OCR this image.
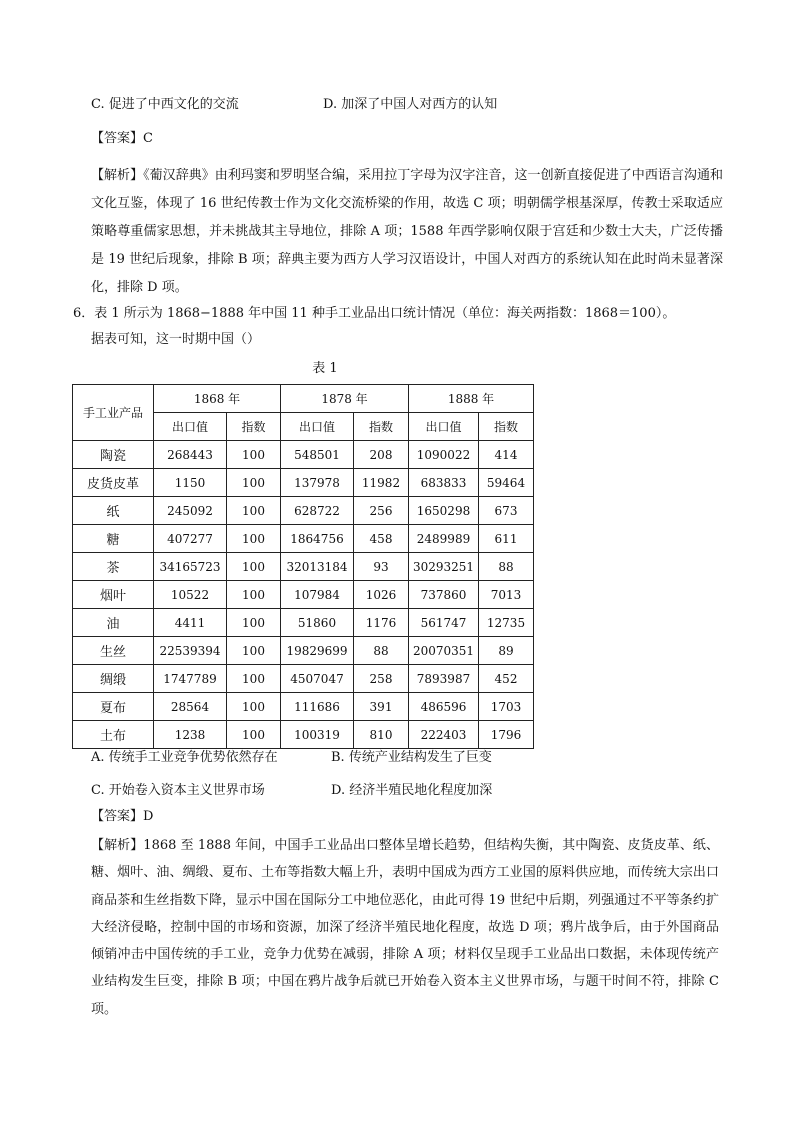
C. 促进了中西文化的交流	D. 加深了中国人对西方的认知
【答案】C
【解析】《葡汉辞典》由利玛窦和罗明坚合编，采用拉丁字母为汉字注音，这一创新直接促进了中西语言沟通和文化互鉴，体现了 16 世纪传教士作为文化交流桥梁的作用，故选 C 项；明朝儒学根基深厚，传教士采取适应策略尊重儒家思想，并未挑战其主导地位，排除 A 项；1588 年西学影响仅限于宫廷和少数士大夫，广泛传播是 19 世纪后现象，排除 B 项；辞典主要为西方人学习汉语设计，中国人对西方的系统认知在此时尚未显著深化，排除 D 项。
6．表 1 所示为 1868−1888 年中国 11 种手工业品出口统计情况（单位：海关两指数：1868＝100）。
据表可知，这一时期中国（）
表 1
手工业产品	1868 年		1878 年		1888 年	
	出口值	指数	出口值	指数	出口值	指数
陶瓷	268443	100	548501	208	1090022	414
皮货皮革	1150	100	137978	11982	683833	59464
纸	245092	100	628722	256	1650298	673
糖	407277	100	1864756	458	2489989	611
茶	34165723	100	32013184	93	30293251	88
烟叶	10522	100	107984	1026	737860	7013
油	4411	100	51860	1176	561747	12735
生丝	22539394	100	19829699	88	20070351	89
绸缎	1747789	100	4507047	258	7893987	452
夏布	28564	100	111686	391	486596	1703
土布	1238	100	100319	810	222403	1796
A. 传统手工业竞争优势依然存在	B. 传统产业结构发生了巨变
C. 开始卷入资本主义世界市场	D. 经济半殖民地化程度加深
【答案】D
【解析】1868 至 1888 年间，中国手工业品出口整体呈增长趋势，但结构失衡，其中陶瓷、皮货皮革、纸、糖、烟叶、油、绸缎、夏布、土布等指数大幅上升，表明中国成为西方工业国的原料供应地，而传统大宗出口商品茶和生丝指数下降，显示中国在国际分工中地位恶化，由此可得 19 世纪中后期，列强通过不平等条约扩大经济侵略，控制中国的市场和资源，加深了经济半殖民地化程度，故选 D 项；鸦片战争后，由于外国商品倾销冲击中国传统的手工业，竞争力优势在减弱，排除 A 项；材料仅呈现手工业品出口数据，未体现传统产业结构发生巨变，排除 B 项；中国在鸦片战争后就已开始卷入资本主义世界市场，与题干时间不符，排除 C 项。
